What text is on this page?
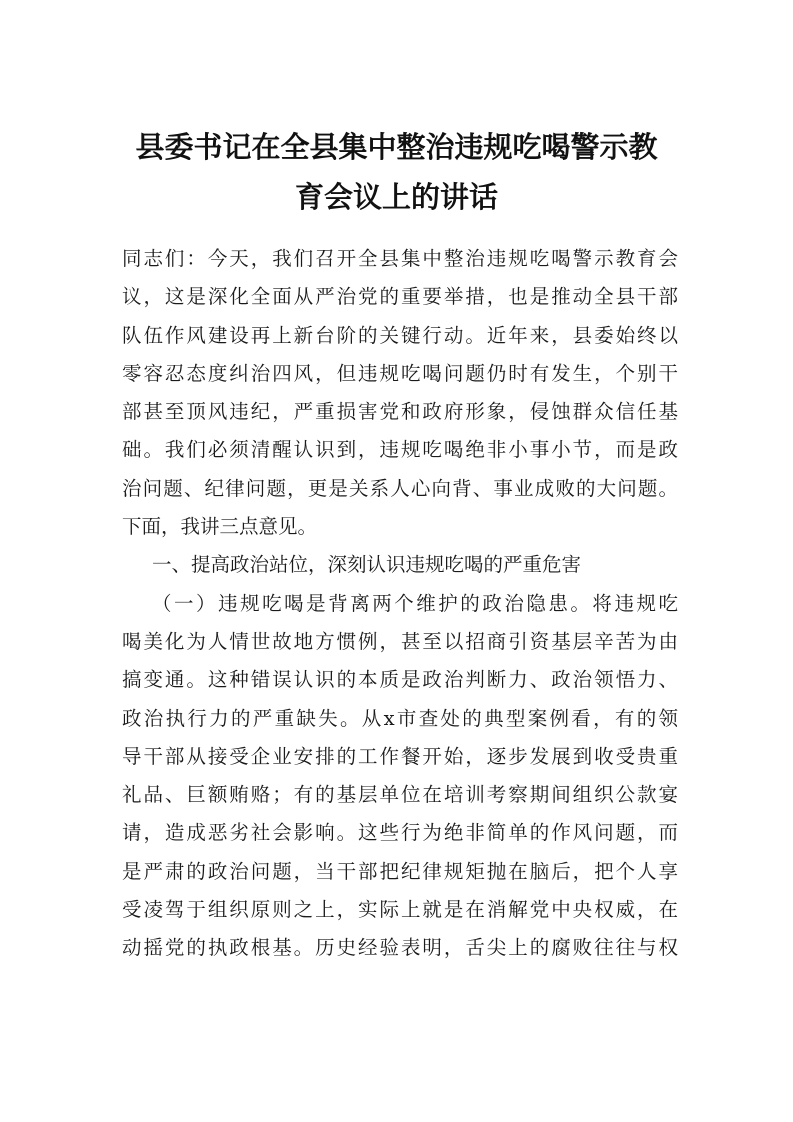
县委书记在全县集中整治违规吃喝警示教
育会议上的讲话
同志们：今天，我们召开全县集中整治违规吃喝警示教育会
议，这是深化全面从严治党的重要举措，也是推动全县干部
队伍作风建设再上新台阶的关键行动。近年来，县委始终以
零容忍态度纠治四风，但违规吃喝问题仍时有发生，个别干
部甚至顶风违纪，严重损害党和政府形象，侵蚀群众信任基
础。我们必须清醒认识到，违规吃喝绝非小事小节，而是政
治问题、纪律问题，更是关系人心向背、事业成败的大问题。
下面，我讲三点意见。
一、提高政治站位，深刻认识违规吃喝的严重危害
（一）违规吃喝是背离两个维护的政治隐患。将违规吃
喝美化为人情世故地方惯例，甚至以招商引资基层辛苦为由
搞变通。这种错误认识的本质是政治判断力、政治领悟力、
政治执行力的严重缺失。从x市查处的典型案例看，有的领
导干部从接受企业安排的工作餐开始，逐步发展到收受贵重
礼品、巨额贿赂；有的基层单位在培训考察期间组织公款宴
请，造成恶劣社会影响。这些行为绝非简单的作风问题，而
是严肃的政治问题，当干部把纪律规矩抛在脑后，把个人享
受凌驾于组织原则之上，实际上就是在消解党中央权威，在
动摇党的执政根基。历史经验表明，舌尖上的腐败往往与权
